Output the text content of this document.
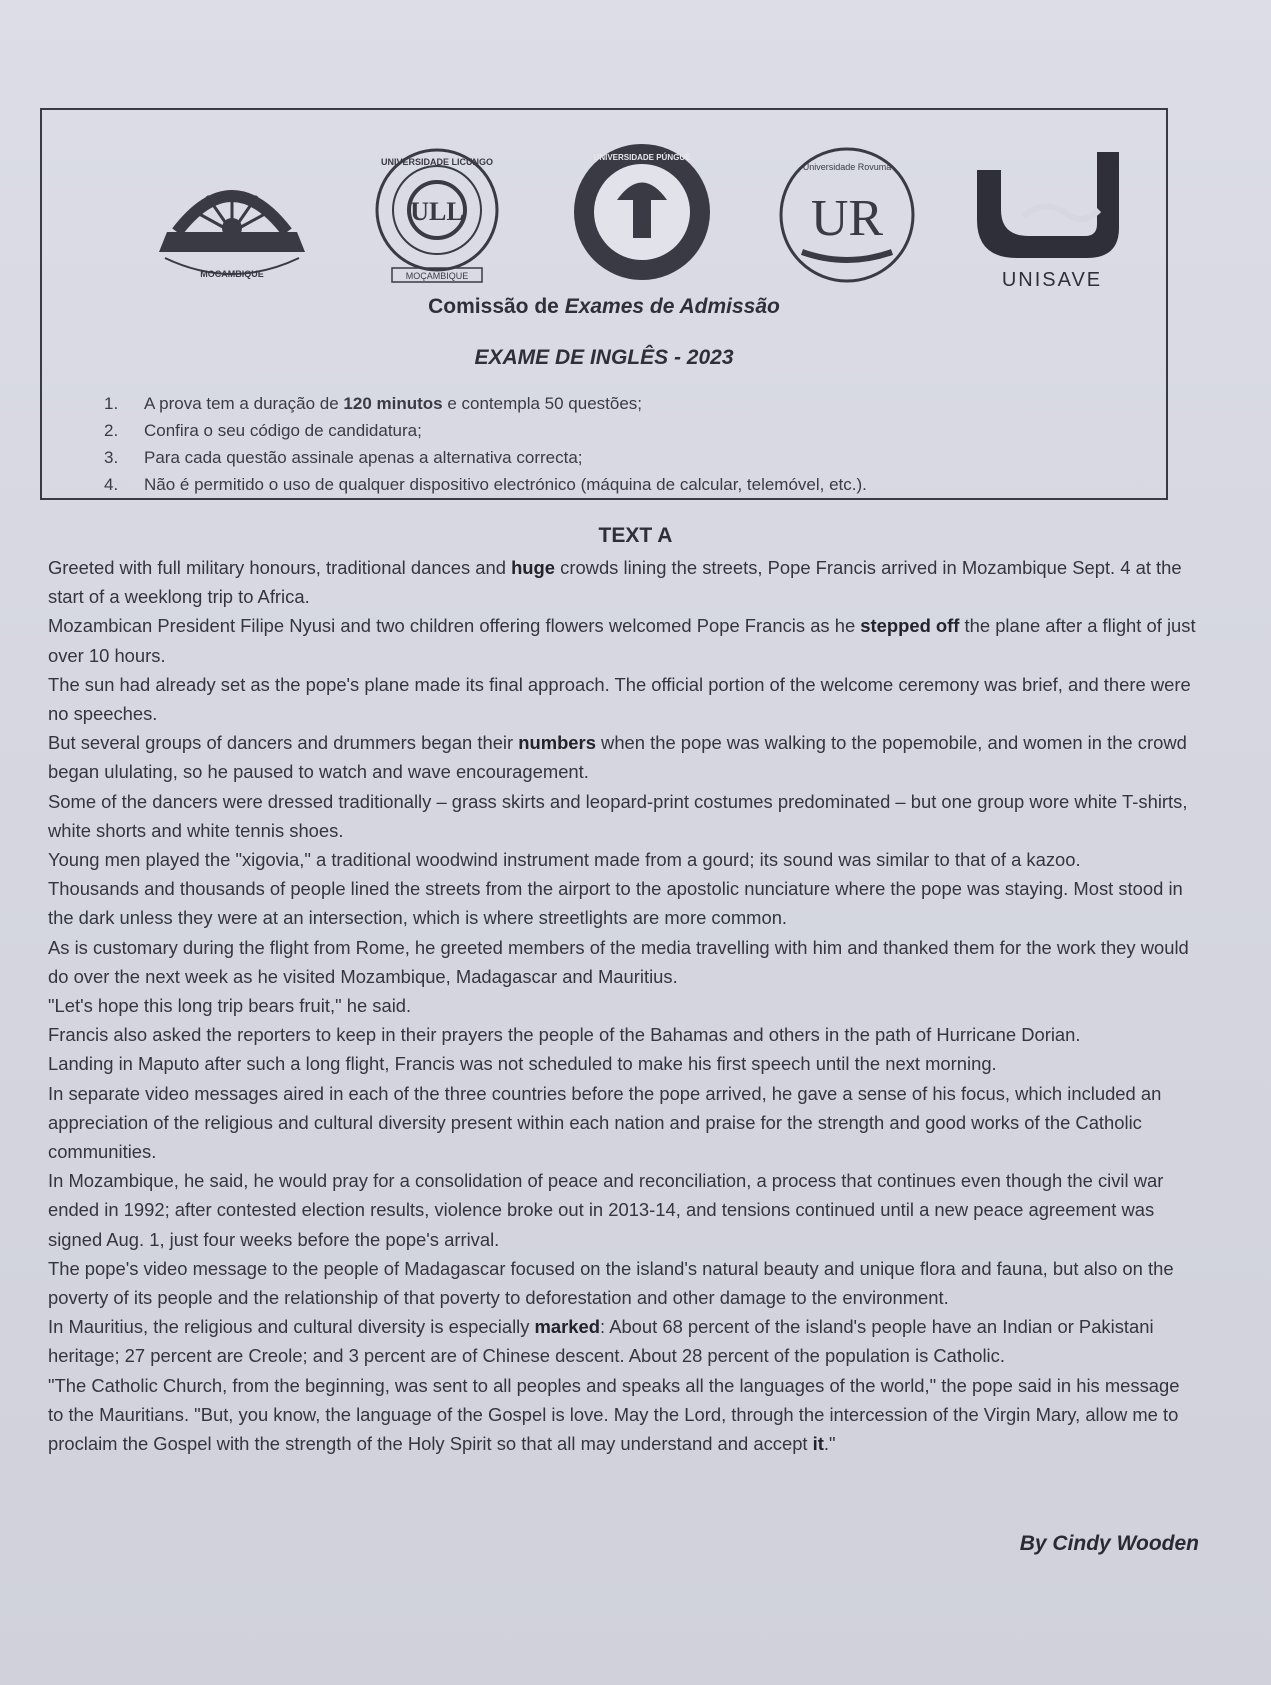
MOCAMBIQUE
ULL
UNIVERSIDADE LICUNGO
MOÇAMBIQUE
UNIVERSIDADE PÚNGUÈ
UR
Universidade Rovuma
UNISAVE
Comissão de Exames de Admissão
EXAME DE INGLÊS - 2023
1.	A prova tem a duração de 120 minutos e contempla 50 questões;
2.	Confira o seu código de candidatura;
3.	Para cada questão assinale apenas a alternativa correcta;
4.	Não é permitido o uso de qualquer dispositivo electrónico (máquina de calcular, telemóvel, etc.).
TEXT A

Greeted with full military honours, traditional dances and huge crowds lining the streets, Pope Francis arrived in Mozambique Sept. 4 at the start of a weeklong trip to Africa.

Mozambican President Filipe Nyusi and two children offering flowers welcomed Pope Francis as he stepped off the plane after a flight of just over 10 hours.

The sun had already set as the pope's plane made its final approach. The official portion of the welcome ceremony was brief, and there were no speeches.

But several groups of dancers and drummers began their numbers when the pope was walking to the popemobile, and women in the crowd began ululating, so he paused to watch and wave encouragement.

Some of the dancers were dressed traditionally – grass skirts and leopard-print costumes predominated – but one group wore white T-shirts, white shorts and white tennis shoes.

Young men played the "xigovia," a traditional woodwind instrument made from a gourd; its sound was similar to that of a kazoo.

Thousands and thousands of people lined the streets from the airport to the apostolic nunciature where the pope was staying. Most stood in the dark unless they were at an intersection, which is where streetlights are more common.

As is customary during the flight from Rome, he greeted members of the media travelling with him and thanked them for the work they would do over the next week as he visited Mozambique, Madagascar and Mauritius.

"Let's hope this long trip bears fruit," he said.

Francis also asked the reporters to keep in their prayers the people of the Bahamas and others in the path of Hurricane Dorian.

Landing in Maputo after such a long flight, Francis was not scheduled to make his first speech until the next morning.

In separate video messages aired in each of the three countries before the pope arrived, he gave a sense of his focus, which included an appreciation of the religious and cultural diversity present within each nation and praise for the strength and good works of the Catholic communities.

In Mozambique, he said, he would pray for a consolidation of peace and reconciliation, a process that continues even though the civil war ended in 1992; after contested election results, violence broke out in 2013-14, and tensions continued until a new peace agreement was signed Aug. 1, just four weeks before the pope's arrival.

The pope's video message to the people of Madagascar focused on the island's natural beauty and unique flora and fauna, but also on the poverty of its people and the relationship of that poverty to deforestation and other damage to the environment.

In Mauritius, the religious and cultural diversity is especially marked: About 68 percent of the island's people have an Indian or Pakistani heritage; 27 percent are Creole; and 3 percent are of Chinese descent. About 28 percent of the population is Catholic.

"The Catholic Church, from the beginning, was sent to all peoples and speaks all the languages of the world," the pope said in his message to the Mauritians. "But, you know, the language of the Gospel is love. May the Lord, through the intercession of the Virgin Mary, allow me to proclaim the Gospel with the strength of the Holy Spirit so that all may understand and accept it."

By Cindy Wooden
